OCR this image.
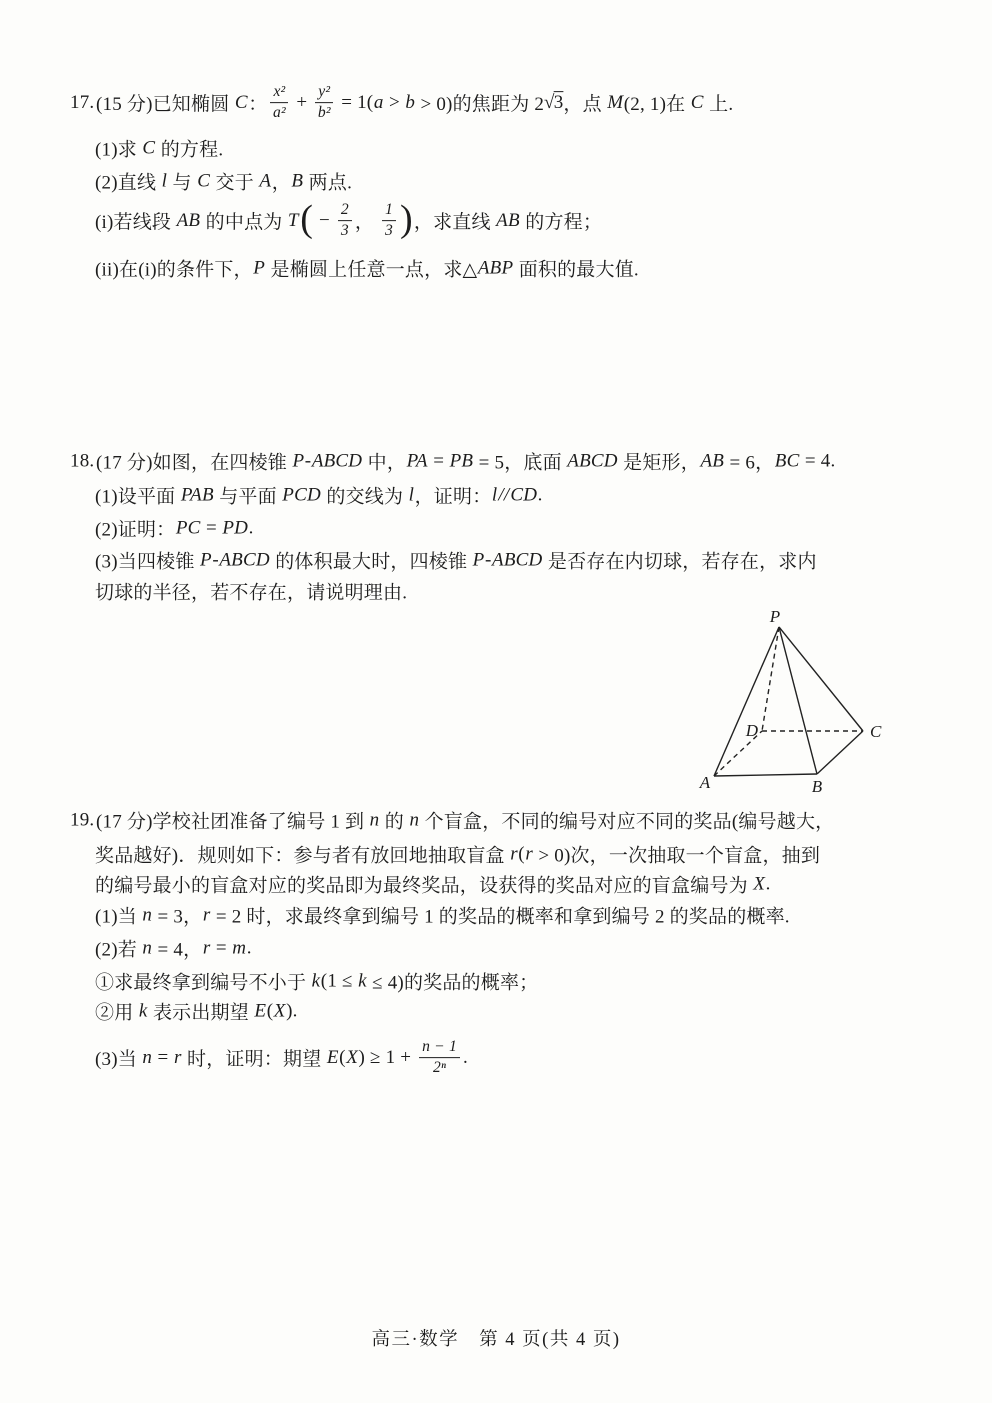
17. (15 分)已知椭圆 C ： $\frac{\text{x²}}{\text{a²}} + \frac{\text{y²}}{\text{b²}} = 1$( a > b > 0)的焦距为 2 √ 3 ，点 M (2, 1)在 C 上.
(1)求 C 的方程.
(2)直线 l 与 C 交于 A ， B 两点.
(i)若线段 AB 的中点为 T ( − $\frac{2}{3}$ ， $\frac{1}{3}$ ) ，求直线 AB 的方程；
(ii)在(i)的条件下， P 是椭圆上任意一点，求△ ABP 面积的最大值.
18. (17 分)如图，在四棱锥 P - ABCD 中， PA = PB = 5，底面 ABCD 是矩形， AB = 6， BC = 4.
(1)设平面 PAB 与平面 PCD 的交线为 l ，证明： l // CD .
(2)证明： PC = PD .
(3)当四棱锥 P - ABCD 的体积最大时，四棱锥 P - ABCD 是否存在内切球，若存在，求内
切球的半径，若不存在，请说明理由.
P
A	B
C
D
19. (17 分)学校社团准备了编号 1 到 n 的 n 个盲盒，不同的编号对应不同的奖品(编号越大，
奖品越好)．规则如下：参与者有放回地抽取盲盒 r ( r > 0)次，一次抽取一个盲盒，抽到
的编号最小的盲盒对应的奖品即为最终奖品，设获得的奖品对应的盲盒编号为 X .
(1)当 n = 3， r = 2 时，求最终拿到编号 1 的奖品的概率和拿到编号 2 的奖品的概率.
(2)若 n = 4， r = m .
①求最终拿到编号不小于 k (1 ≤ k ≤ 4)的奖品的概率；
②用 k 表示出期望 E ( X ).
(3)当 n = r 时，证明：期望 E ( X ) ≥ $1 + \frac{n - 1}{\text{2ⁿ}}$ .
高三·数学　第 4 页(共 4 页)
